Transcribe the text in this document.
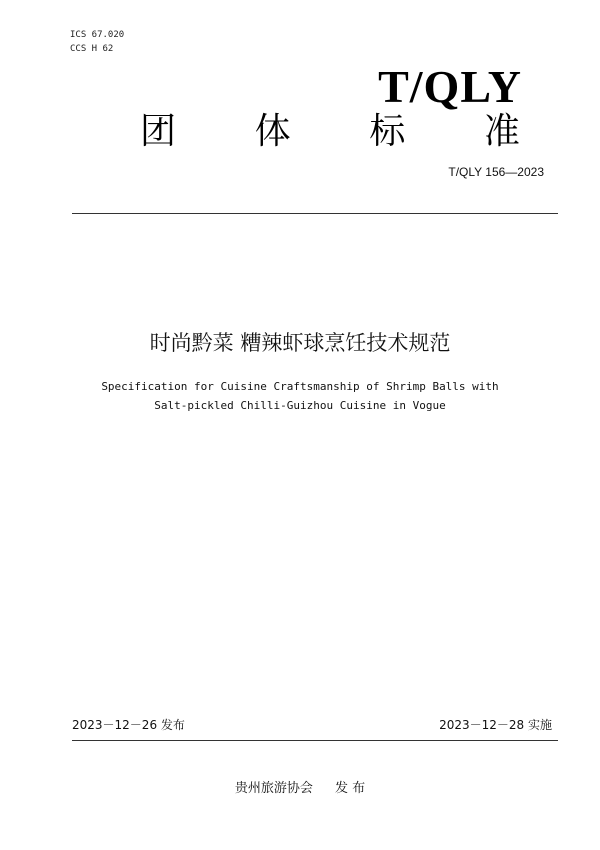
ICS 67.020
CCS H 62
T/QLY
团 体 标 准
T/QLY 156—2023
时尚黔菜 糟辣虾球烹饪技术规范
Specification for Cuisine Craftsmanship of Shrimp Balls with
Salt-pickled Chilli-Guizhou Cuisine in Vogue
2023－12－26 发布	2023－12－28 实施
贵州旅游协会 发 布
